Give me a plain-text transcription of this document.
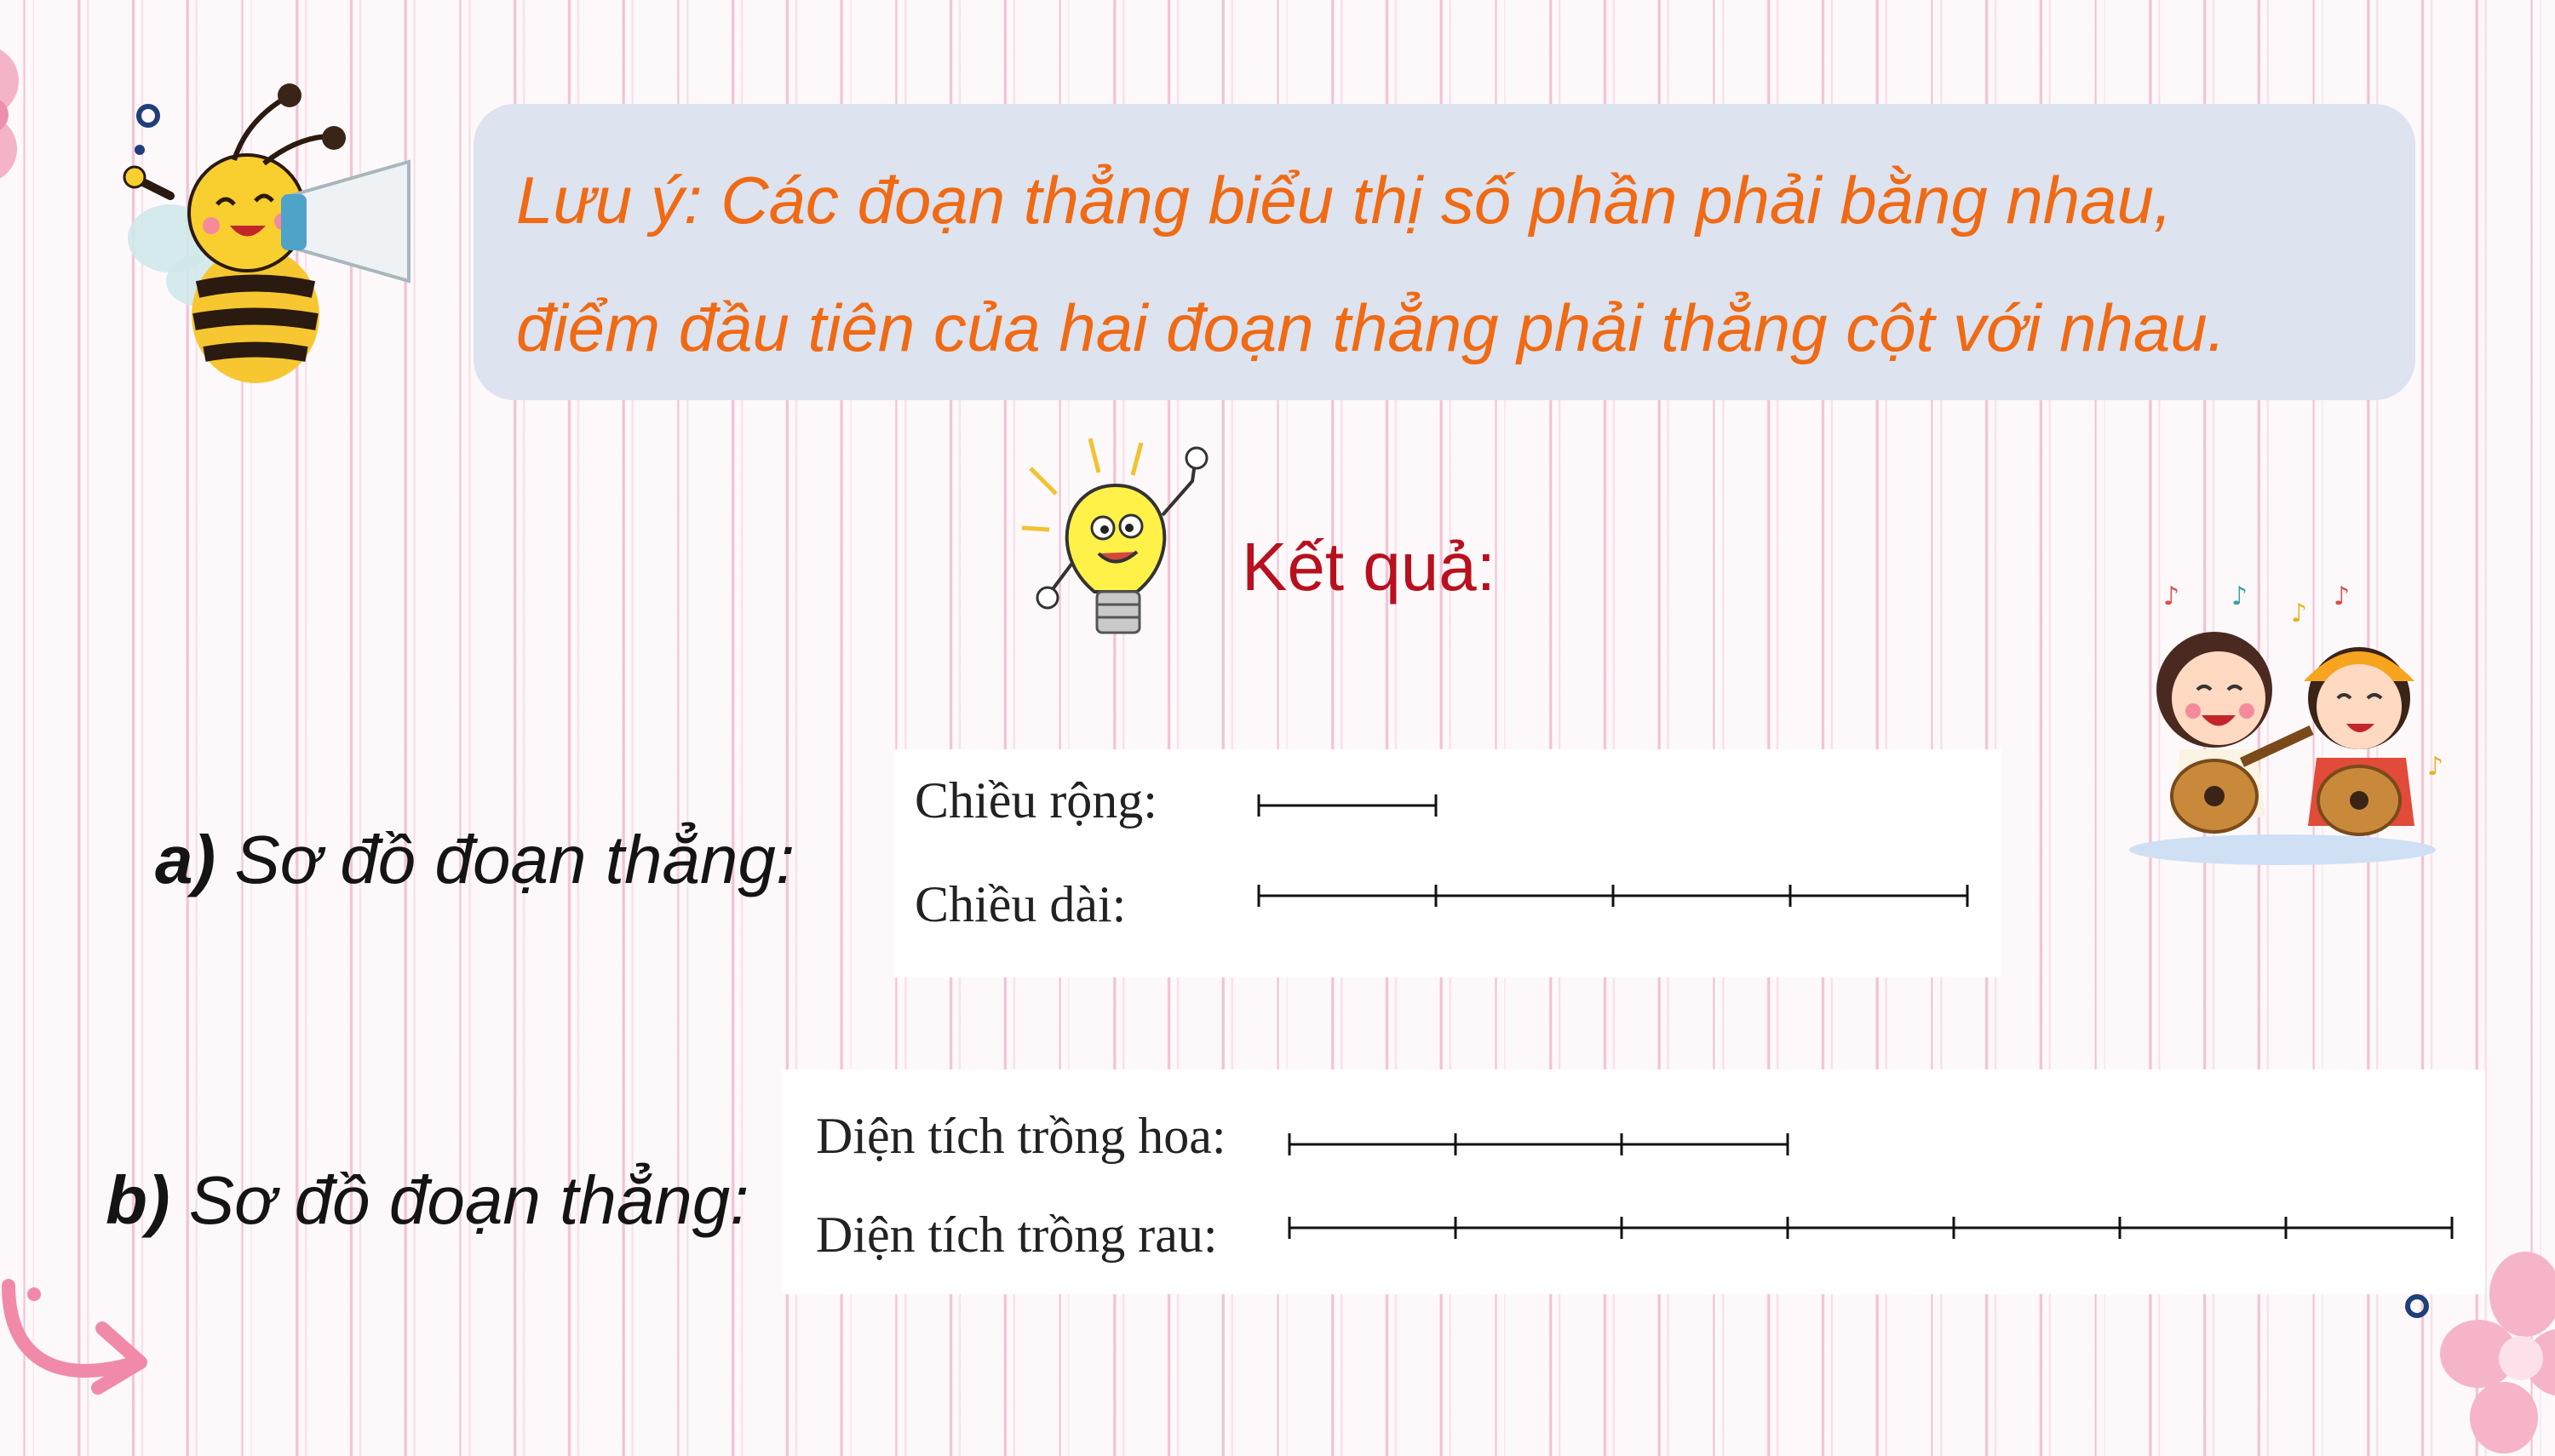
Lưu ý: Các đoạn thẳng biểu thị số phần phải bằng nhau,
điểm đầu tiên của hai đoạn thẳng phải thẳng cột với nhau.
Kết quả:	♪ ♪
♪
♪
♪
a) Sơ đồ đoạn thẳng:
Chiều rộng:
Chiều dài:
b) Sơ đồ đoạn thẳng:
Diện tích trồng hoa:
Diện tích trồng rau:
